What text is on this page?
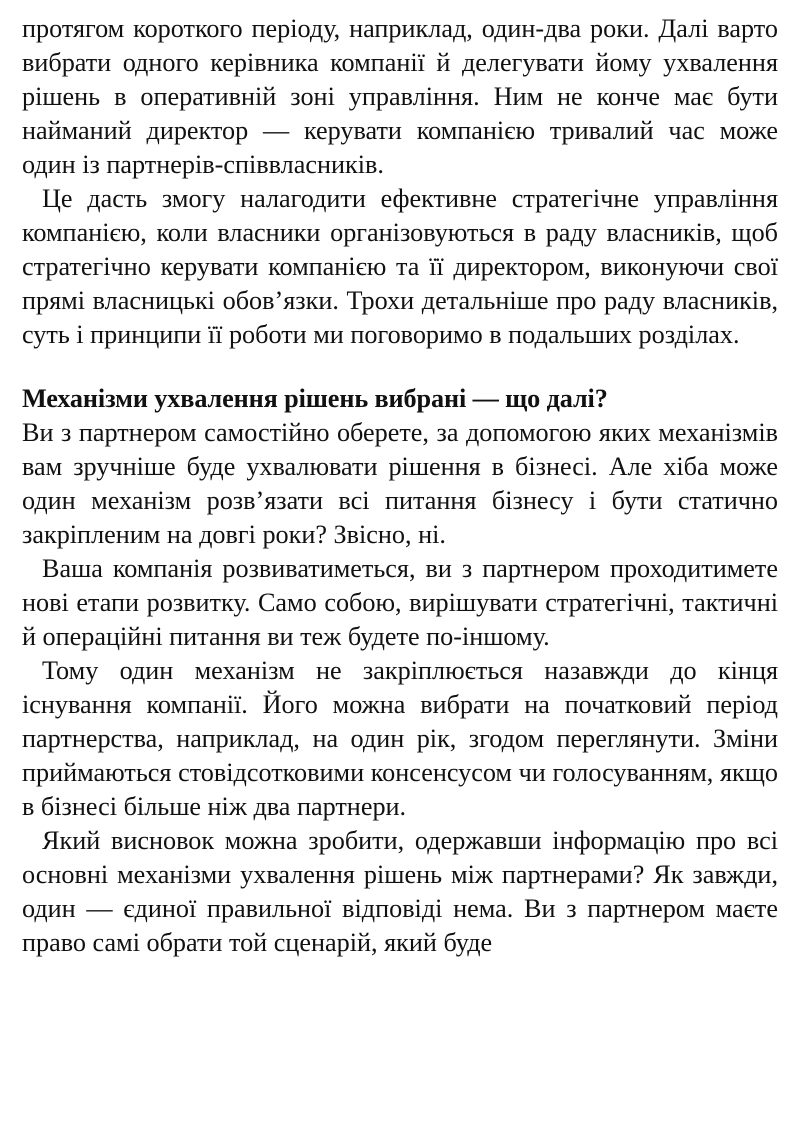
протягом короткого періоду, наприклад, один-два роки. Далі варто вибрати одного керівника компанії й делегувати йому ухвалення рішень в оперативній зоні управління. Ним не конче має бути найманий директор — керувати компанією тривалий час може один із партнерів-співвласників.

Це дасть змогу налагодити ефективне стратегічне управління компанією, коли власники організовуються в раду власників, щоб стратегічно керувати компанією та її директором, виконуючи свої прямі власницькі обов’язки. Трохи детальніше про раду власників, суть і принципи її роботи ми поговоримо в подальших розділах.

Механізми ухвалення рішень вибрані — що далі?

Ви з партнером самостійно оберете, за допомогою яких механізмів вам зручніше буде ухвалювати рішення в бізнесі. Але хіба може один механізм розв’язати всі питання бізнесу і бути статично закріпленим на довгі роки? Звісно, ні.

Ваша компанія розвиватиметься, ви з партнером проходитимете нові етапи розвитку. Само собою, вирішувати стратегічні, тактичні й операційні питання ви теж будете по-іншому.

Тому один механізм не закріплюється назавжди до кінця існування компанії. Його можна вибрати на початковий період партнерства, наприклад, на один рік, згодом переглянути. Зміни приймаються стовідсотковими консенсусом чи голосуванням, якщо в бізнесі більше ніж два партнери.

Який висновок можна зробити, одержавши інформацію про всі основні механізми ухвалення рішень між партнерами? Як завжди, один — єдиної правильної відповіді нема. Ви з партнером маєте право самі обрати той сценарій, який буде
